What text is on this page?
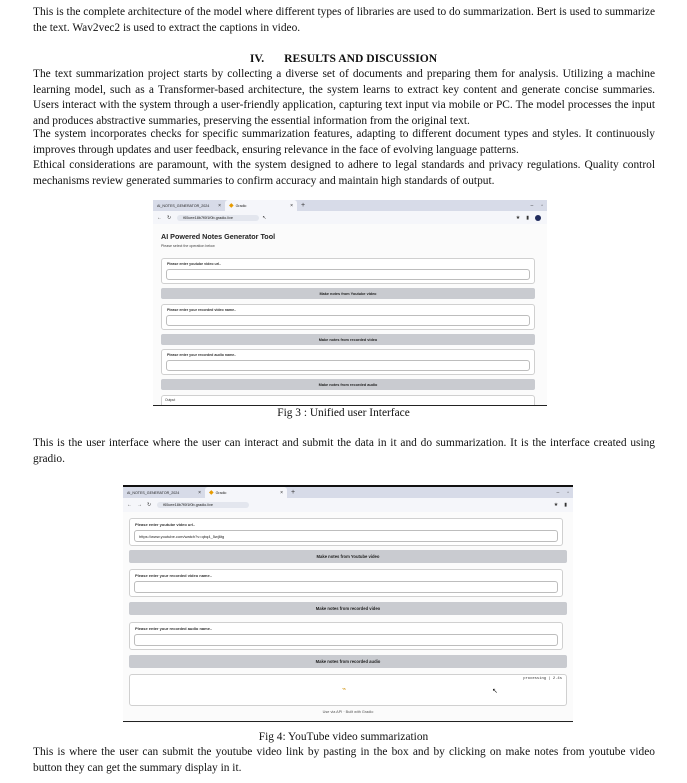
This is the complete architecture of the model where different types of libraries are used to do summarization. Bert is used to summarize the text. Wav2vec2 is used to extract the captions in video.

IV. RESULTS AND DISCUSSION

The text summarization project starts by collecting a diverse set of documents and preparing them for analysis. Utilizing a machine learning model, such as a Transformer-based architecture, the system learns to extract key content and generate concise summaries. Users interact with the system through a user-friendly application, capturing text input via mobile or PC. The model processes the input and produces abstractive summaries, preserving the essential information from the original text.

The system incorporates checks for specific summarization features, adapting to different document types and styles. It continuously improves through updates and user feedback, ensuring relevance in the face of evolving language patterns.

Ethical considerations are paramount, with the system designed to adhere to legal standards and privacy regulations. Quality control mechanisms review generated summaries to confirm accuracy and maintain high standards of output.

AI_NOTES_GENERATOR_2024	× ◆ Gradio	×	+	– ▫
← ↻	f65cee18b7f0f1f0b.gradio.live	↖	★ ▮
AI Powered Notes Generator Tool
Please select the operation below
Please enter youtube video url..
Make notes from Youtube video
Please enter your recorded video name..
Make notes from recorded video
Please enter your recorded audio name..
Make notes from recorded audio
Output
Fig 3 : Unified user Interface

This is the user interface where the user can interact and submit the data in it and do summarization. It is the interface created using gradio.

AI_NOTES_GENERATOR_2024	× ◆ Gradio	×	+	– ▫
← → ↻	f65cee18b7f0f1f0b.gradio.live	★ ▮
Please enter youtube video url..
https://www.youtube.com/watch?v=qbq4_5wj6tg
Make notes from Youtube video
Please enter your recorded video name..
Make notes from recorded video
Please enter your recorded audio name..
Make notes from recorded audio
processing | 2.4s
⌁	↖
Use via API · Built with Gradio
Fig 4: YouTube video summarization

This is where the user can submit the youtube video link by pasting in the box and by clicking on make notes from youtube video button they can get the summary display in it.
